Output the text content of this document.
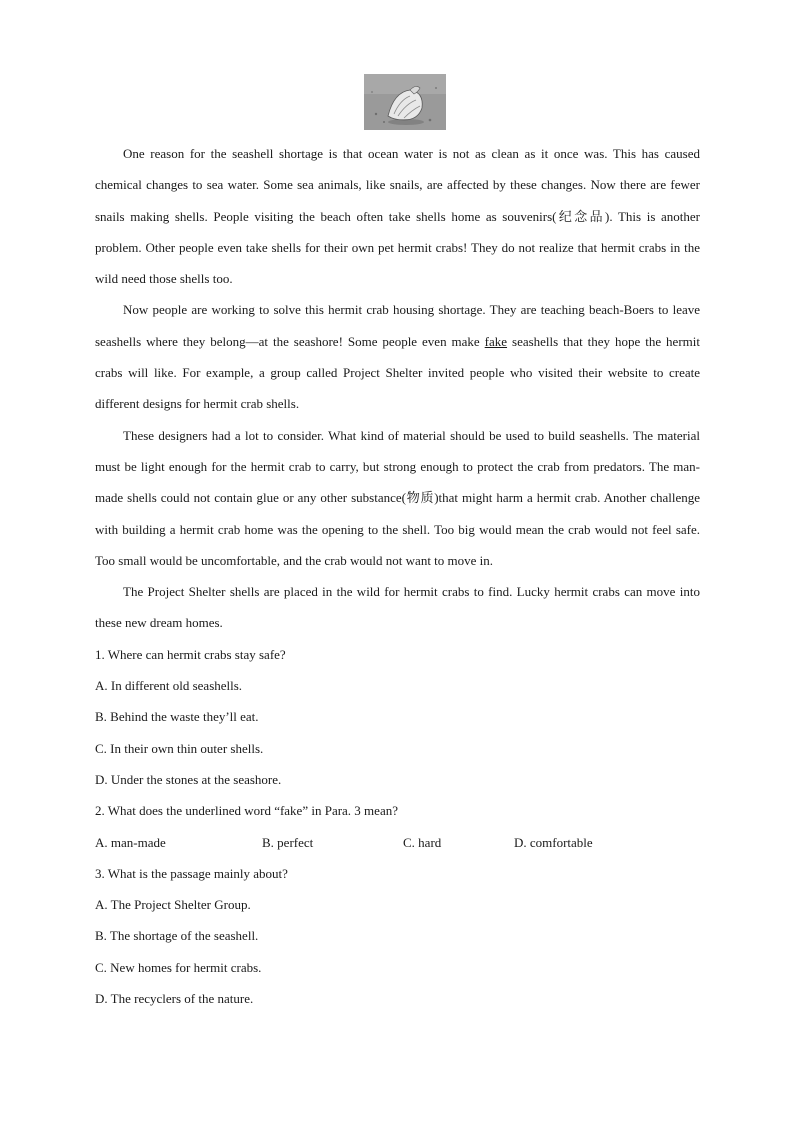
One reason for the seashell shortage is that ocean water is not as clean as it once was. This has caused chemical changes to sea water. Some sea animals, like snails, are affected by these changes. Now there are fewer snails making shells. People visiting the beach often take shells home as souvenirs(纪念品). This is another problem. Other people even take shells for their own pet hermit crabs! They do not realize that hermit crabs in the wild need those shells too.

Now people are working to solve this hermit crab housing shortage. They are teaching beach-Boers to leave seashells where they belong—at the seashore! Some people even make fake seashells that they hope the hermit crabs will like. For example, a group called Project Shelter invited people who visited their website to create different designs for hermit crab shells.

These designers had a lot to consider. What kind of material should be used to build seashells. The material must be light enough for the hermit crab to carry, but strong enough to protect the crab from predators. The man-made shells could not contain glue or any other substance(物质)that might harm a hermit crab. Another challenge with building a hermit crab home was the opening to the shell. Too big would mean the crab would not feel safe. Too small would be uncomfortable, and the crab would not want to move in.

The Project Shelter shells are placed in the wild for hermit crabs to find. Lucky hermit crabs can move into these new dream homes.

1. Where can hermit crabs stay safe?

A. In different old seashells.

B. Behind the waste they’ll eat.

C. In their own thin outer shells.

D. Under the stones at the seashore.

2. What does the underlined word “fake” in Para. 3 mean?

A. man-made	B. perfect	C. hard	D. comfortable

3. What is the passage mainly about?

A. The Project Shelter Group.

B. The shortage of the seashell.

C. New homes for hermit crabs.

D. The recyclers of the nature.
